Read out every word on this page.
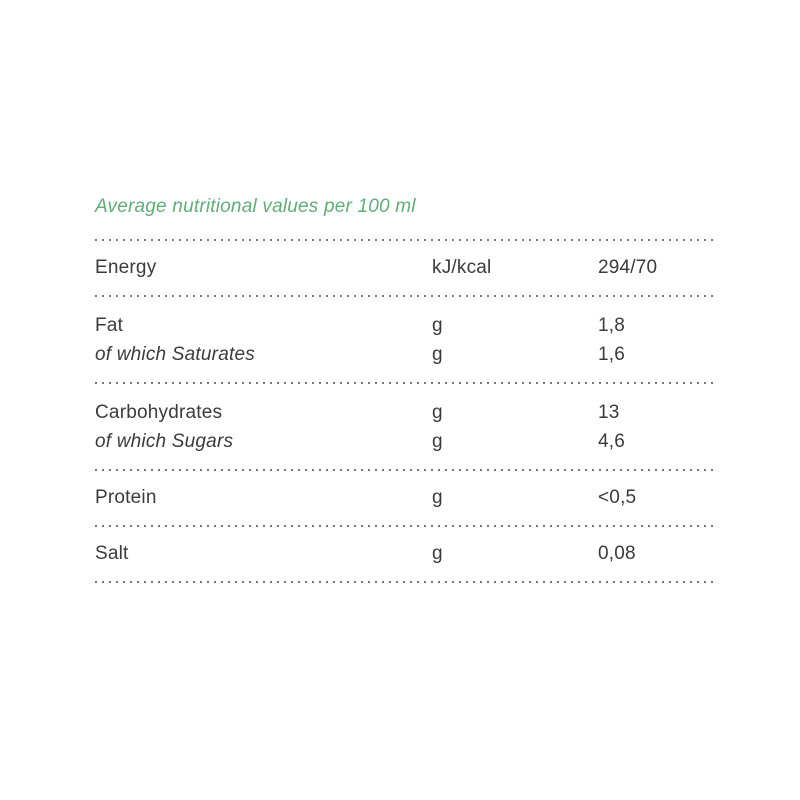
Average nutritional values per 100 ml
Energy	kJ/kcal	294/70
Fat	g	1,8
of which Saturates	g	1,6
Carbohydrates	g	13
of which Sugars	g	4,6
Protein	g	<0,5
Salt	g	0,08
